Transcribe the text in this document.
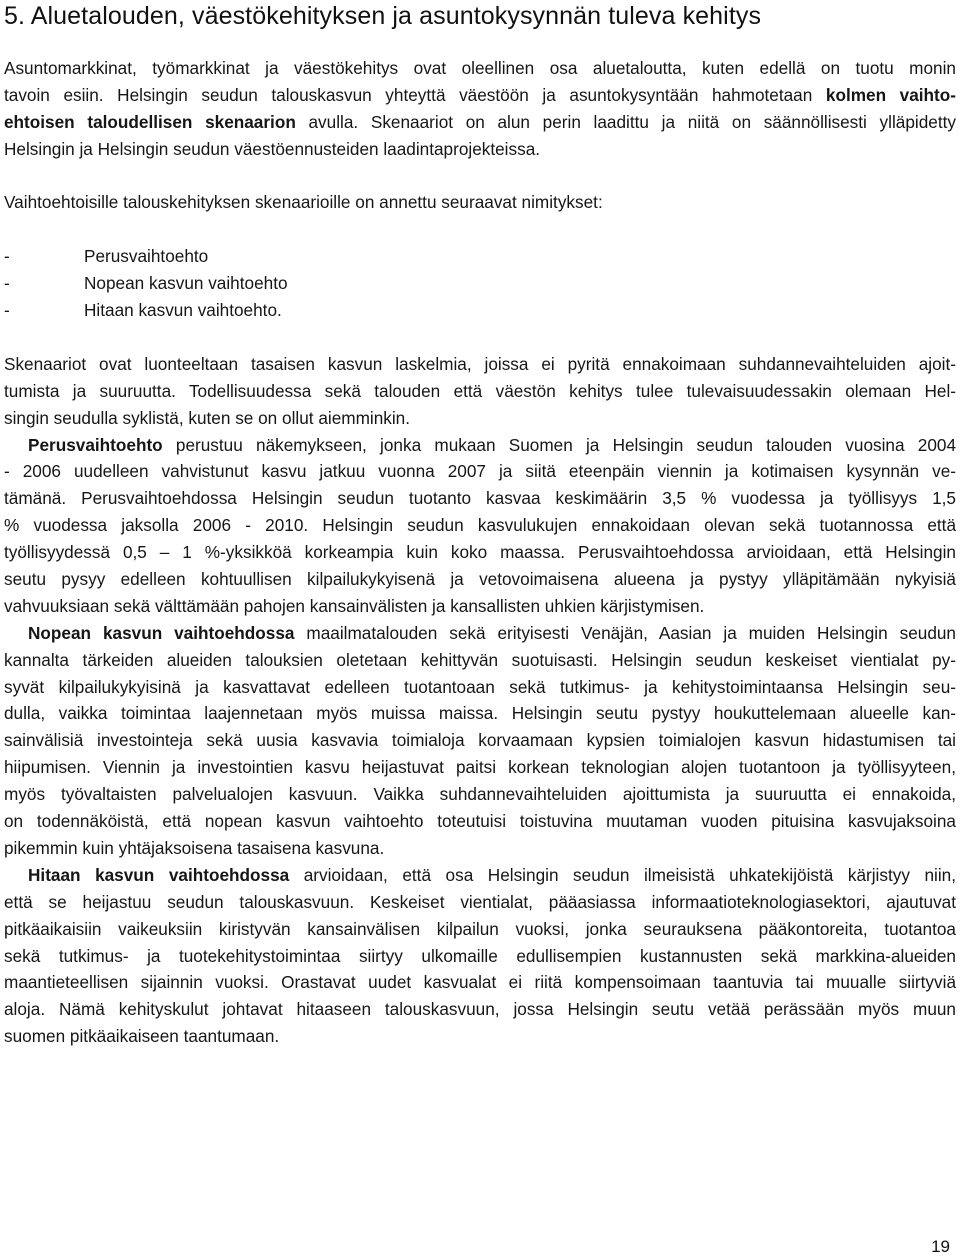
5. Aluetalouden, väestökehityksen ja asuntokysynnän tuleva kehitys
Asuntomarkkinat, työmarkkinat ja väestökehitys ovat oleellinen osa aluetaloutta, kuten edellä on tuotu monin
tavoin esiin. Helsingin seudun talouskasvun yhteyttä väestöön ja asuntokysyntään hahmotetaan kolmen vaihto-
ehtoisen taloudellisen skenaarion avulla. Skenaariot on alun perin laadittu ja niitä on säännöllisesti ylläpidetty
Helsingin ja Helsingin seudun väestöennusteiden laadintaprojekteissa.
Vaihtoehtoisille talouskehityksen skenaarioille on annettu seuraavat nimitykset:
-	Perusvaihtoehto
-	Nopean kasvun vaihtoehto
-	Hitaan kasvun vaihtoehto.
Skenaariot ovat luonteeltaan tasaisen kasvun laskelmia, joissa ei pyritä ennakoimaan suhdannevaihteluiden ajoit-
tumista ja suuruutta. Todellisuudessa sekä talouden että väestön kehitys tulee tulevaisuudessakin olemaan Hel-
singin seudulla syklistä, kuten se on ollut aiemminkin.
Perusvaihtoehto perustuu näkemykseen, jonka mukaan Suomen ja Helsingin seudun talouden vuosina 2004
- 2006 uudelleen vahvistunut kasvu jatkuu vuonna 2007 ja siitä eteenpäin viennin ja kotimaisen kysynnän ve-
tämänä. Perusvaihtoehdossa Helsingin seudun tuotanto kasvaa keskimäärin 3,5 % vuodessa ja työllisyys 1,5
% vuodessa jaksolla 2006 - 2010. Helsingin seudun kasvulukujen ennakoidaan olevan sekä tuotannossa että
työllisyydessä 0,5 – 1 %-yksikköä korkeampia kuin koko maassa. Perusvaihtoehdossa arvioidaan, että Helsingin
seutu pysyy edelleen kohtuullisen kilpailukykyisenä ja vetovoimaisena alueena ja pystyy ylläpitämään nykyisiä
vahvuuksiaan sekä välttämään pahojen kansainvälisten ja kansallisten uhkien kärjistymisen.
Nopean kasvun vaihtoehdossa maailmatalouden sekä erityisesti Venäjän, Aasian ja muiden Helsingin seudun
kannalta tärkeiden alueiden talouksien oletetaan kehittyvän suotuisasti. Helsingin seudun keskeiset vientialat py-
syvät kilpailukykyisinä ja kasvattavat edelleen tuotantoaan sekä tutkimus- ja kehitystoimintaansa Helsingin seu-
dulla, vaikka toimintaa laajennetaan myös muissa maissa. Helsingin seutu pystyy houkuttelemaan alueelle kan-
sainvälisiä investointeja sekä uusia kasvavia toimialoja korvaamaan kypsien toimialojen kasvun hidastumisen tai
hiipumisen. Viennin ja investointien kasvu heijastuvat paitsi korkean teknologian alojen tuotantoon ja työllisyyteen,
myös työvaltaisten palvelualojen kasvuun. Vaikka suhdannevaihteluiden ajoittumista ja suuruutta ei ennakoida,
on todennäköistä, että nopean kasvun vaihtoehto toteutuisi toistuvina muutaman vuoden pituisina kasvujaksoina
pikemmin kuin yhtäjaksoisena tasaisena kasvuna.
Hitaan kasvun vaihtoehdossa arvioidaan, että osa Helsingin seudun ilmeisistä uhkatekijöistä kärjistyy niin,
että se heijastuu seudun talouskasvuun. Keskeiset vientialat, pääasiassa informaatioteknologiasektori, ajautuvat
pitkäaikaisiin vaikeuksiin kiristyvän kansainvälisen kilpailun vuoksi, jonka seurauksena pääkontoreita, tuotantoa
sekä tutkimus- ja tuotekehitystoimintaa siirtyy ulkomaille edullisempien kustannusten sekä markkina-alueiden
maantieteellisen sijainnin vuoksi. Orastavat uudet kasvualat ei riitä kompensoimaan taantuvia tai muualle siirtyviä
aloja. Nämä kehityskulut johtavat hitaaseen talouskasvuun, jossa Helsingin seutu vetää perässään myös muun
suomen pitkäaikaiseen taantumaan.
19
